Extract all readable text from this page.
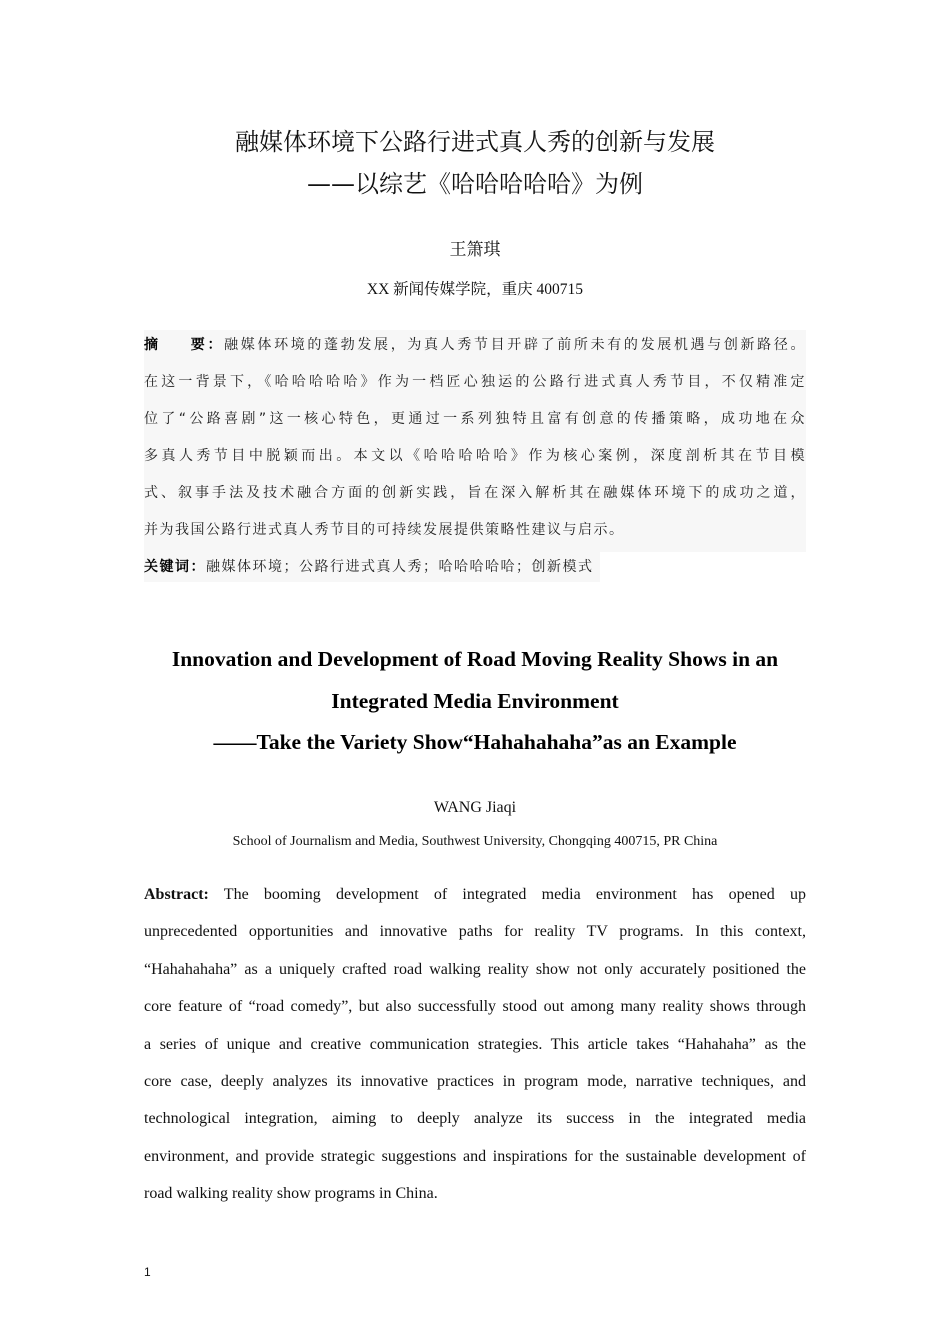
融媒体环境下公路行进式真人秀的创新与发展
——以综艺《哈哈哈哈哈》为例
王箫琪
XX 新闻传媒学院，重庆 400715
摘    要：融媒体环境的蓬勃发展，为真人秀节目开辟了前所未有的发展机遇与创新路径。
在这一背景下，《哈哈哈哈哈》作为一档匠心独运的公路行进式真人秀节目，不仅精准定
位了“公路喜剧”这一核心特色，更通过一系列独特且富有创意的传播策略，成功地在众
多真人秀节目中脱颖而出。本文以《哈哈哈哈哈》作为核心案例，深度剖析其在节目模
式、叙事手法及技术融合方面的创新实践，旨在深入解析其在融媒体环境下的成功之道，
并为我国公路行进式真人秀节目的可持续发展提供策略性建议与启示。
关键词：融媒体环境；公路行进式真人秀；哈哈哈哈哈；创新模式
Innovation and Development of Road Moving Reality Shows in an
Integrated Media Environment
——Take the Variety Show“Hahahahaha”as an Example
WANG Jiaqi
School of Journalism and Media, Southwest University, Chongqing 400715, PR China
Abstract: The booming development of integrated media environment has opened up
unprecedented opportunities and innovative paths for reality TV programs. In this context,
“Hahahahaha” as a uniquely crafted road walking reality show not only accurately positioned the
core feature of “road comedy”, but also successfully stood out among many reality shows through
a series of unique and creative communication strategies. This article takes “Hahahaha” as the
core case, deeply analyzes its innovative practices in program mode, narrative techniques, and
technological integration, aiming to deeply analyze its success in the integrated media
environment, and provide strategic suggestions and inspirations for the sustainable development of
road walking reality show programs in China.
1
